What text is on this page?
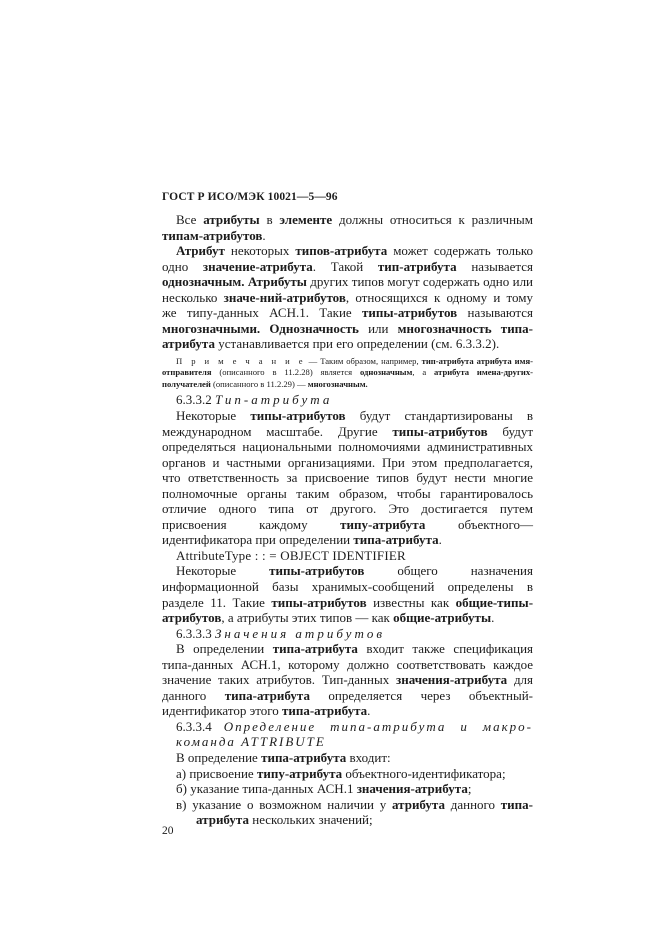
ГОСТ Р ИСО/МЭК 10021—5—96

Все атрибуты в элементе должны относиться к различным типам-атрибутов.

Атрибут некоторых типов-атрибута может содержать только одно значение-атрибута. Такой тип-атрибута называется однозначным. Атрибуты других типов могут содержать одно или несколько значе-ний-атрибутов, относящихся к одному и тому же типу-данных АСН.1. Такие типы-атрибутов называются многозначными. Однозначность или многозначность типа-атрибута устанавливается при его определении (см. 6.3.3.2).

П р и м е ч а н и е — Таким образом, например, тип-атрибута атрибута имя-отправителя (описанного в 11.2.28) является однозначным, а атрибута имена-других-получателей (описанного в 11.2.29) — многозначным.

6.3.3.2 Тип-атрибута

Некоторые типы-атрибутов будут стандартизированы в международном масштабе. Другие типы-атрибутов будут определяться национальными полномочиями административных органов и частными организациями. При этом предполагается, что ответственность за присвоение типов будут нести многие полномочные органы таким образом, чтобы гарантировалось отличие одного типа от другого. Это достигается путем присвоения каждому	типу-атрибута	объектного—идентификатора при определении типа-атрибута.

AttributeType : : = OBJECT IDENTIFIER

Некоторые	типы-атрибутов	общего назначения информационной базы хранимых-сообщений определены в разделе 11. Такие типы-атрибутов известны как общие-типы-атрибутов, а атрибуты этих типов — как общие-атрибуты.

6.3.3.3 Значения атрибутов

В определении типа-атрибута входит также спецификация типа-данных АСН.1, которому должно соответствовать каждое значение таких атрибутов. Тип-данных значения-атрибута для данного типа-атрибута определяется через объектный-идентификатор этого типа-атрибута.

6.3.3.4 Определение типа-атрибута и макро-команда ATTRIBUTE

В определение типа-атрибута входит:

а) присвоение типу-атрибута объектного-идентификатора;

б) указание типа-данных АСН.1 значения-атрибута;

в) указание о возможном наличии у атрибута данного типа-атрибута нескольких значений;

20
